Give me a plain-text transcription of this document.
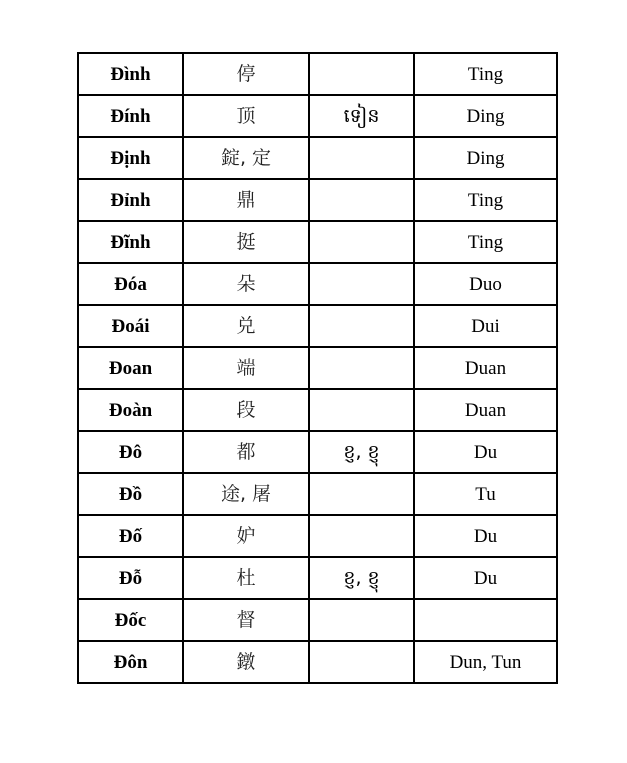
Đình	停		Ting
Đính	顶	ទៀន	Ding
Định	錠, 定		Ding
Đỉnh	鼎		Ting
Đĩnh	挺		Ting
Đóa	朵		Duo
Đoái	兑		Dui
Đoan	端		Duan
Đoàn	段		Duan
Đô	都	ខ្ញ, ខ្ញុ	Du
Đồ	途, 屠		Tu
Đố	妒		Du
Đỗ	杜	ខ្ញ, ខ្ញុ	Du
Đốc	督		
Đôn	鐓		Dun, Tun
